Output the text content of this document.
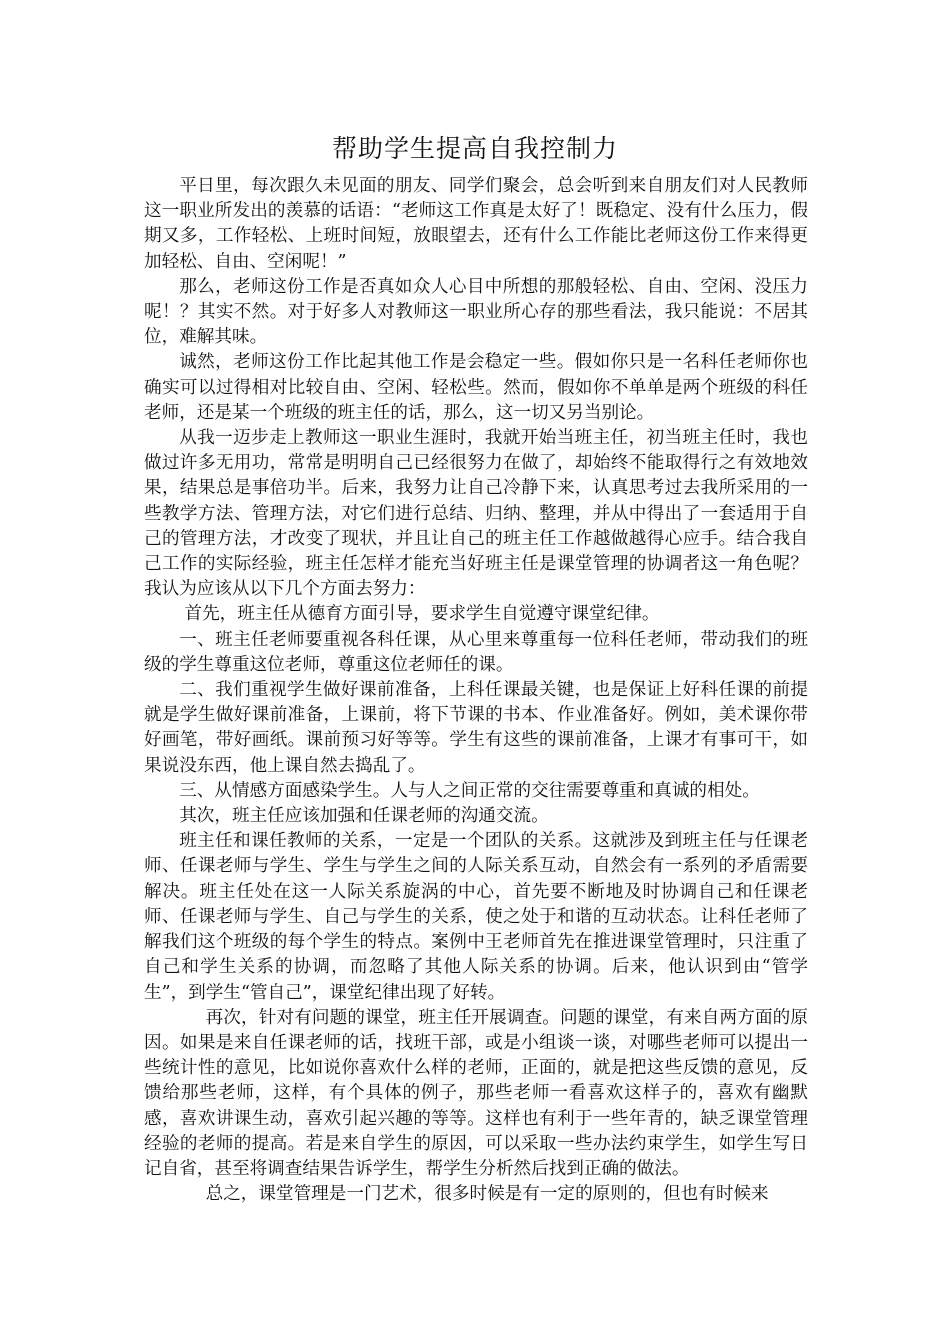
帮助学生提高自我控制力

平日里，每次跟久未见面的朋友、同学们聚会，总会听到来自朋友们对人民教师这一职业所发出的羡慕的话语：“老师这工作真是太好了！既稳定、没有什么压力，假期又多，工作轻松、上班时间短，放眼望去，还有什么工作能比老师这份工作来得更加轻松、自由、空闲呢！”

那么，老师这份工作是否真如众人心目中所想的那般轻松、自由、空闲、没压力呢！？其实不然。对于好多人对教师这一职业所心存的那些看法，我只能说：不居其位，难解其味。

诚然，老师这份工作比起其他工作是会稳定一些。假如你只是一名科任老师你也确实可以过得相对比较自由、空闲、轻松些。然而，假如你不单单是两个班级的科任老师，还是某一个班级的班主任的话，那么，这一切又另当别论。

从我一迈步走上教师这一职业生涯时，我就开始当班主任，初当班主任时，我也做过许多无用功，常常是明明自己已经很努力在做了，却始终不能取得行之有效地效果，结果总是事倍功半。后来，我努力让自己冷静下来，认真思考过去我所采用的一些教学方法、管理方法，对它们进行总结、归纳、整理，并从中得出了一套适用于自己的管理方法，才改变了现状，并且让自己的班主任工作越做越得心应手。结合我自己工作的实际经验，班主任怎样才能充当好班主任是课堂管理的协调者这一角色呢？我认为应该从以下几个方面去努力：

首先，班主任从德育方面引导，要求学生自觉遵守课堂纪律。

一、班主任老师要重视各科任课，从心里来尊重每一位科任老师，带动我们的班级的学生尊重这位老师，尊重这位老师任的课。

二、我们重视学生做好课前准备，上科任课最关键，也是保证上好科任课的前提就是学生做好课前准备，上课前，将下节课的书本、作业准备好。例如，美术课你带好画笔，带好画纸。课前预习好等等。学生有这些的课前准备，上课才有事可干，如果说没东西，他上课自然去捣乱了。

三、从情感方面感染学生。人与人之间正常的交往需要尊重和真诚的相处。

其次，班主任应该加强和任课老师的沟通交流。

班主任和课任教师的关系，一定是一个团队的关系。这就涉及到班主任与任课老师、任课老师与学生、学生与学生之间的人际关系互动，自然会有一系列的矛盾需要解决。班主任处在这一人际关系旋涡的中心，首先要不断地及时协调自己和任课老师、任课老师与学生、自己与学生的关系，使之处于和谐的互动状态。让科任老师了解我们这个班级的每个学生的特点。案例中王老师首先在推进课堂管理时，只注重了自己和学生关系的协调，而忽略了其他人际关系的协调。后来，他认识到由“管学生”，到学生“管自己”，课堂纪律出现了好转。

再次，针对有问题的课堂，班主任开展调查。问题的课堂，有来自两方面的原因。如果是来自任课老师的话，找班干部，或是小组谈一谈，对哪些老师可以提出一些统计性的意见，比如说你喜欢什么样的老师，正面的，就是把这些反馈的意见，反馈给那些老师，这样，有个具体的例子，那些老师一看喜欢这样子的，喜欢有幽默感，喜欢讲课生动，喜欢引起兴趣的等等。这样也有利于一些年青的，缺乏课堂管理经验的老师的提高。若是来自学生的原因，可以采取一些办法约束学生，如学生写日记自省，甚至将调查结果告诉学生，帮学生分析然后找到正确的做法。

总之，课堂管理是一门艺术，很多时候是有一定的原则的，但也有时候来
